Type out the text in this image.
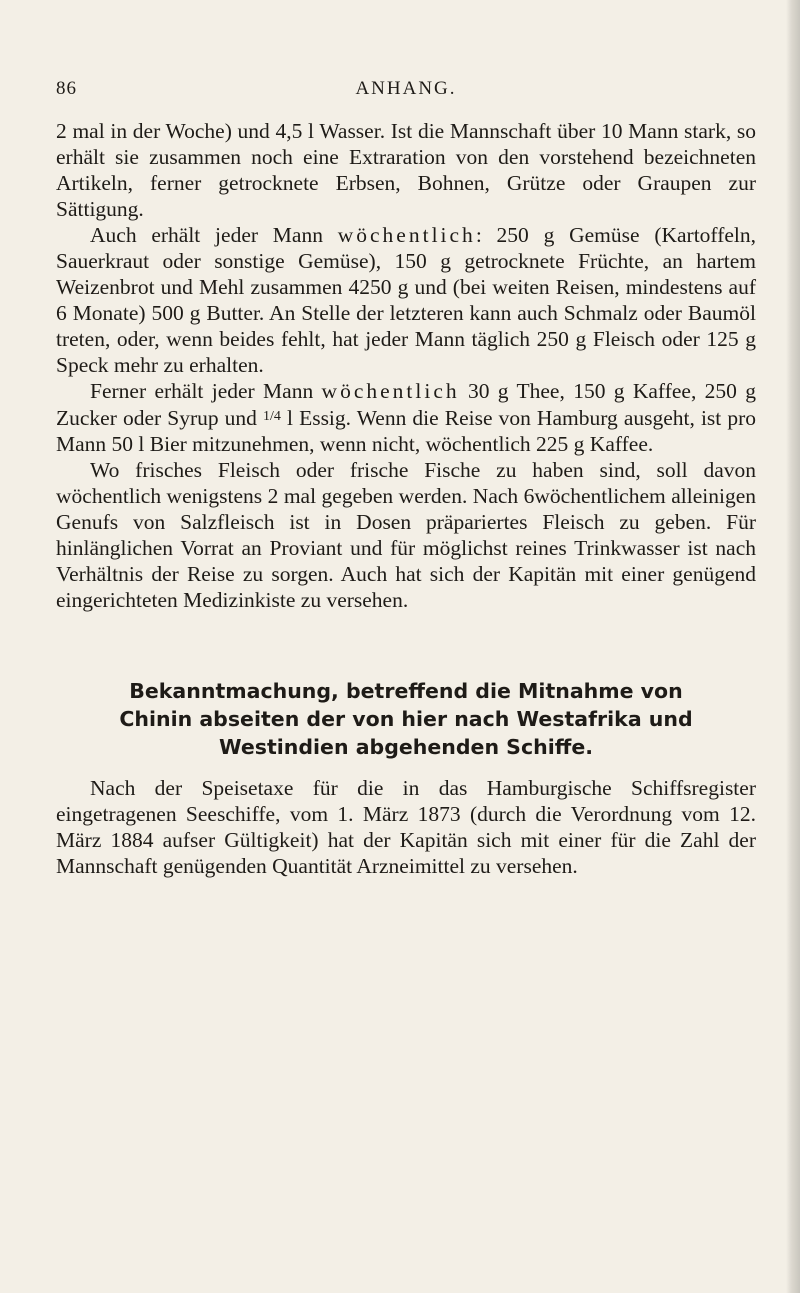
86	ANHANG.

2 mal in der Woche) und 4,5 l Wasser. Ist die Mannschaft über 10 Mann stark, so erhält sie zusammen noch eine Extraration von den vorstehend bezeichneten Artikeln, ferner getrocknete Erbsen, Bohnen, Grütze oder Graupen zur Sättigung.

Auch erhält jeder Mann wöchentlich: 250 g Gemüse (Kartoffeln, Sauerkraut oder sonstige Gemüse), 150 g getrocknete Früchte, an hartem Weizenbrot und Mehl zusammen 4250 g und (bei weiten Reisen, mindestens auf 6 Monate) 500 g Butter. An Stelle der letzteren kann auch Schmalz oder Baumöl treten, oder, wenn beides fehlt, hat jeder Mann täglich 250 g Fleisch oder 125 g Speck mehr zu erhalten.

Ferner erhält jeder Mann wöchentlich 30 g Thee, 150 g Kaffee, 250 g Zucker oder Syrup und $^{1/4}$ l Essig. Wenn die Reise von Hamburg ausgeht, ist pro Mann 50 l Bier mitzunehmen, wenn nicht, wöchentlich 225 g Kaffee.

Wo frisches Fleisch oder frische Fische zu haben sind, soll davon wöchentlich wenigstens 2 mal gegeben werden. Nach 6wöchentlichem alleinigen Genufs von Salzfleisch ist in Dosen präpariertes Fleisch zu geben. Für hinlänglichen Vorrat an Proviant und für möglichst reines Trinkwasser ist nach Verhältnis der Reise zu sorgen. Auch hat sich der Kapitän mit einer genügend eingerichteten Medizinkiste zu versehen.

Bekanntmachung, betreffend die Mitnahme von
Chinin abseiten der von hier nach Westafrika und
Westindien abgehenden Schiffe.

Nach der Speisetaxe für die in das Hamburgische Schiffsregister eingetragenen Seeschiffe, vom 1. März 1873 (durch die Verordnung vom 12. März 1884 aufser Gültigkeit) hat der Kapitän sich mit einer für die Zahl der Mannschaft genügenden Quantität Arzneimittel zu versehen.
